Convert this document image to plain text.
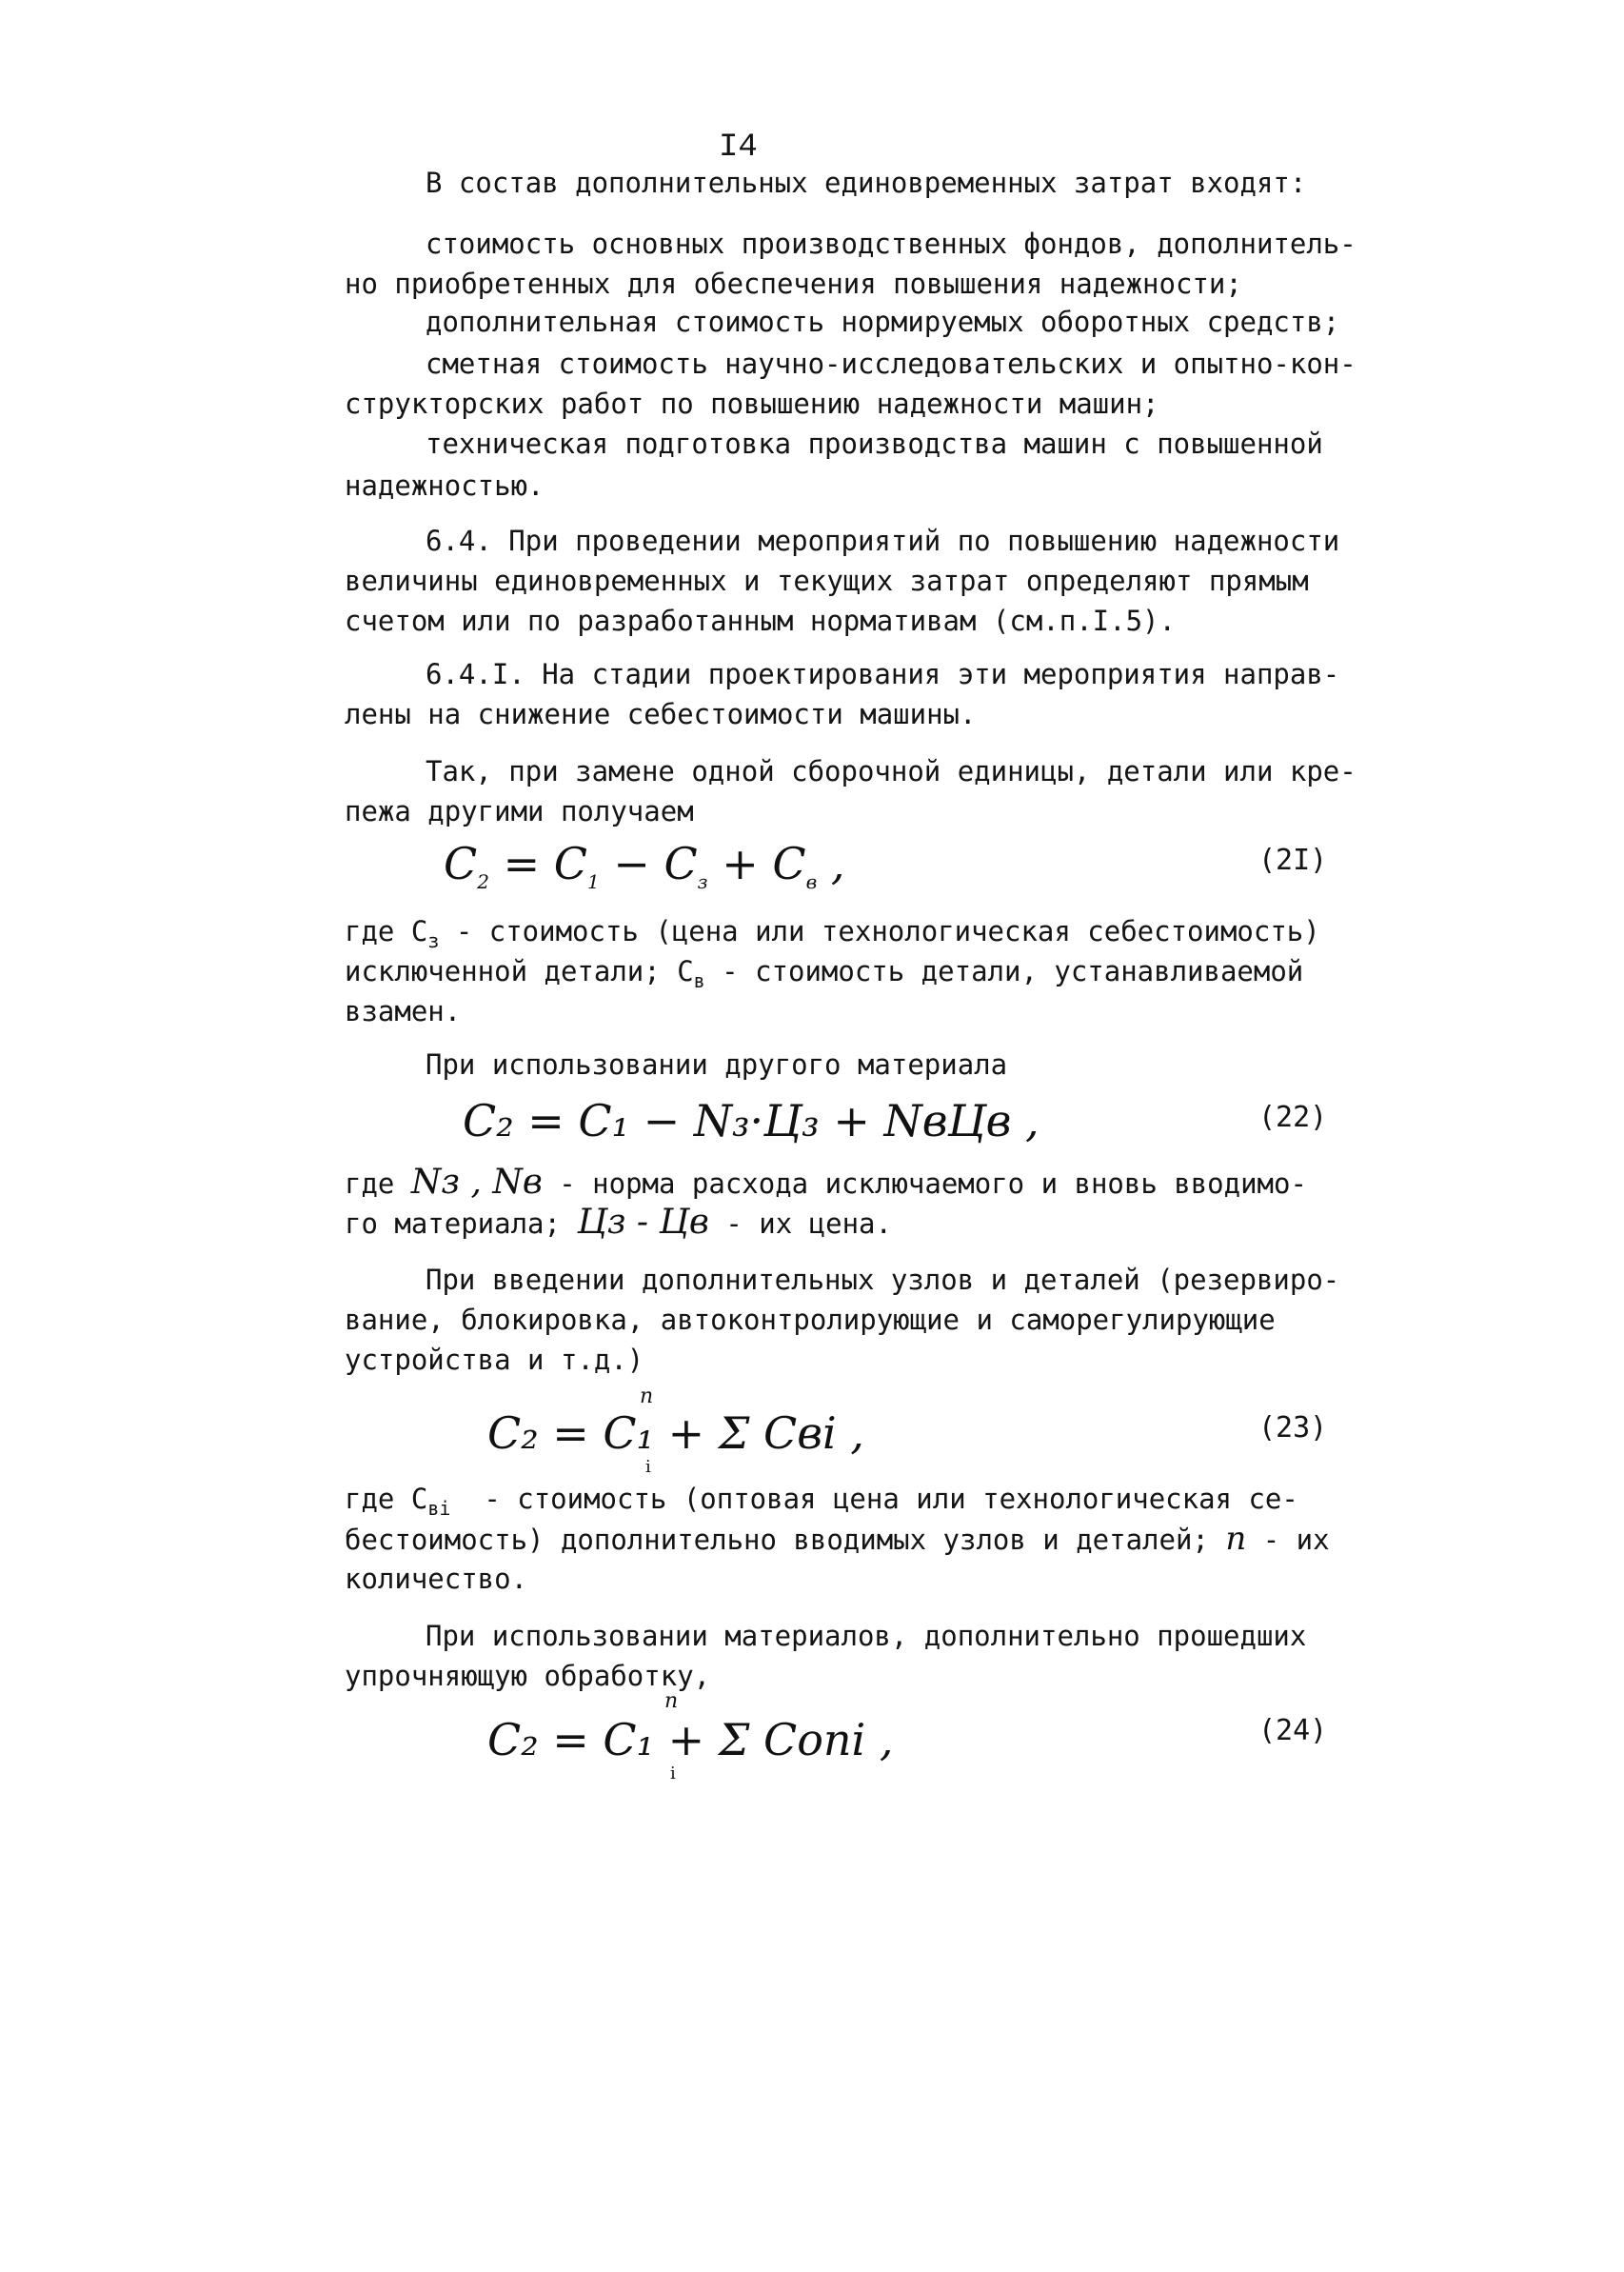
I4
В состав дополнительных единовременных затрат входят:
стоимость основных производственных фондов, дополнитель-
но приобретенных для обеспечения повышения надежности;
дополнительная стоимость нормируемых оборотных средств;
сметная стоимость научно-исследовательских и опытно-кон-
структорских работ по повышению надежности машин;
техническая подготовка производства машин с повышенной
надежностью.
6.4. При проведении мероприятий по повышению надежности
величины единовременных и текущих затрат определяют прямым
счетом или по разработанным нормативам (см.п.I.5).
6.4.I. На стадии проектирования эти мероприятия направ-
лены на снижение себестоимости машины.
Так, при замене одной сборочной единицы, детали или кре-
пежа другими получаем
$C_2 = C_1 - C_з + C_в$ ,	(2I)
где $С_з$ - стоимость (цена или технологическая себестоимость)
исключенной детали; $С_в$ - стоимость детали, устанавливаемой
взамен.
При использовании другого материала
C₂ = C₁ − N₃·Ц₃ + NвЦв ,	(22)
где Nз , Nв - норма расхода исключаемого и вновь вводимо-
го материала; Цз - Цв - их цена.
При введении дополнительных узлов и деталей (резервиро-
вание, блокировка, автоконтролирующие и саморегулирующие
устройства и т.д.)
C₂ = C₁ + Σ Cвi ,	(23)
n
i
где $С_{вi}$ - стоимость (оптовая цена или технологическая се-
бестоимость) дополнительно вводимых узлов и деталей; n - их
количество.
При использовании материалов, дополнительно прошедших
упрочняющую обработку,
C₂ = C₁ + Σ Cопi ,	(24)
n
i
